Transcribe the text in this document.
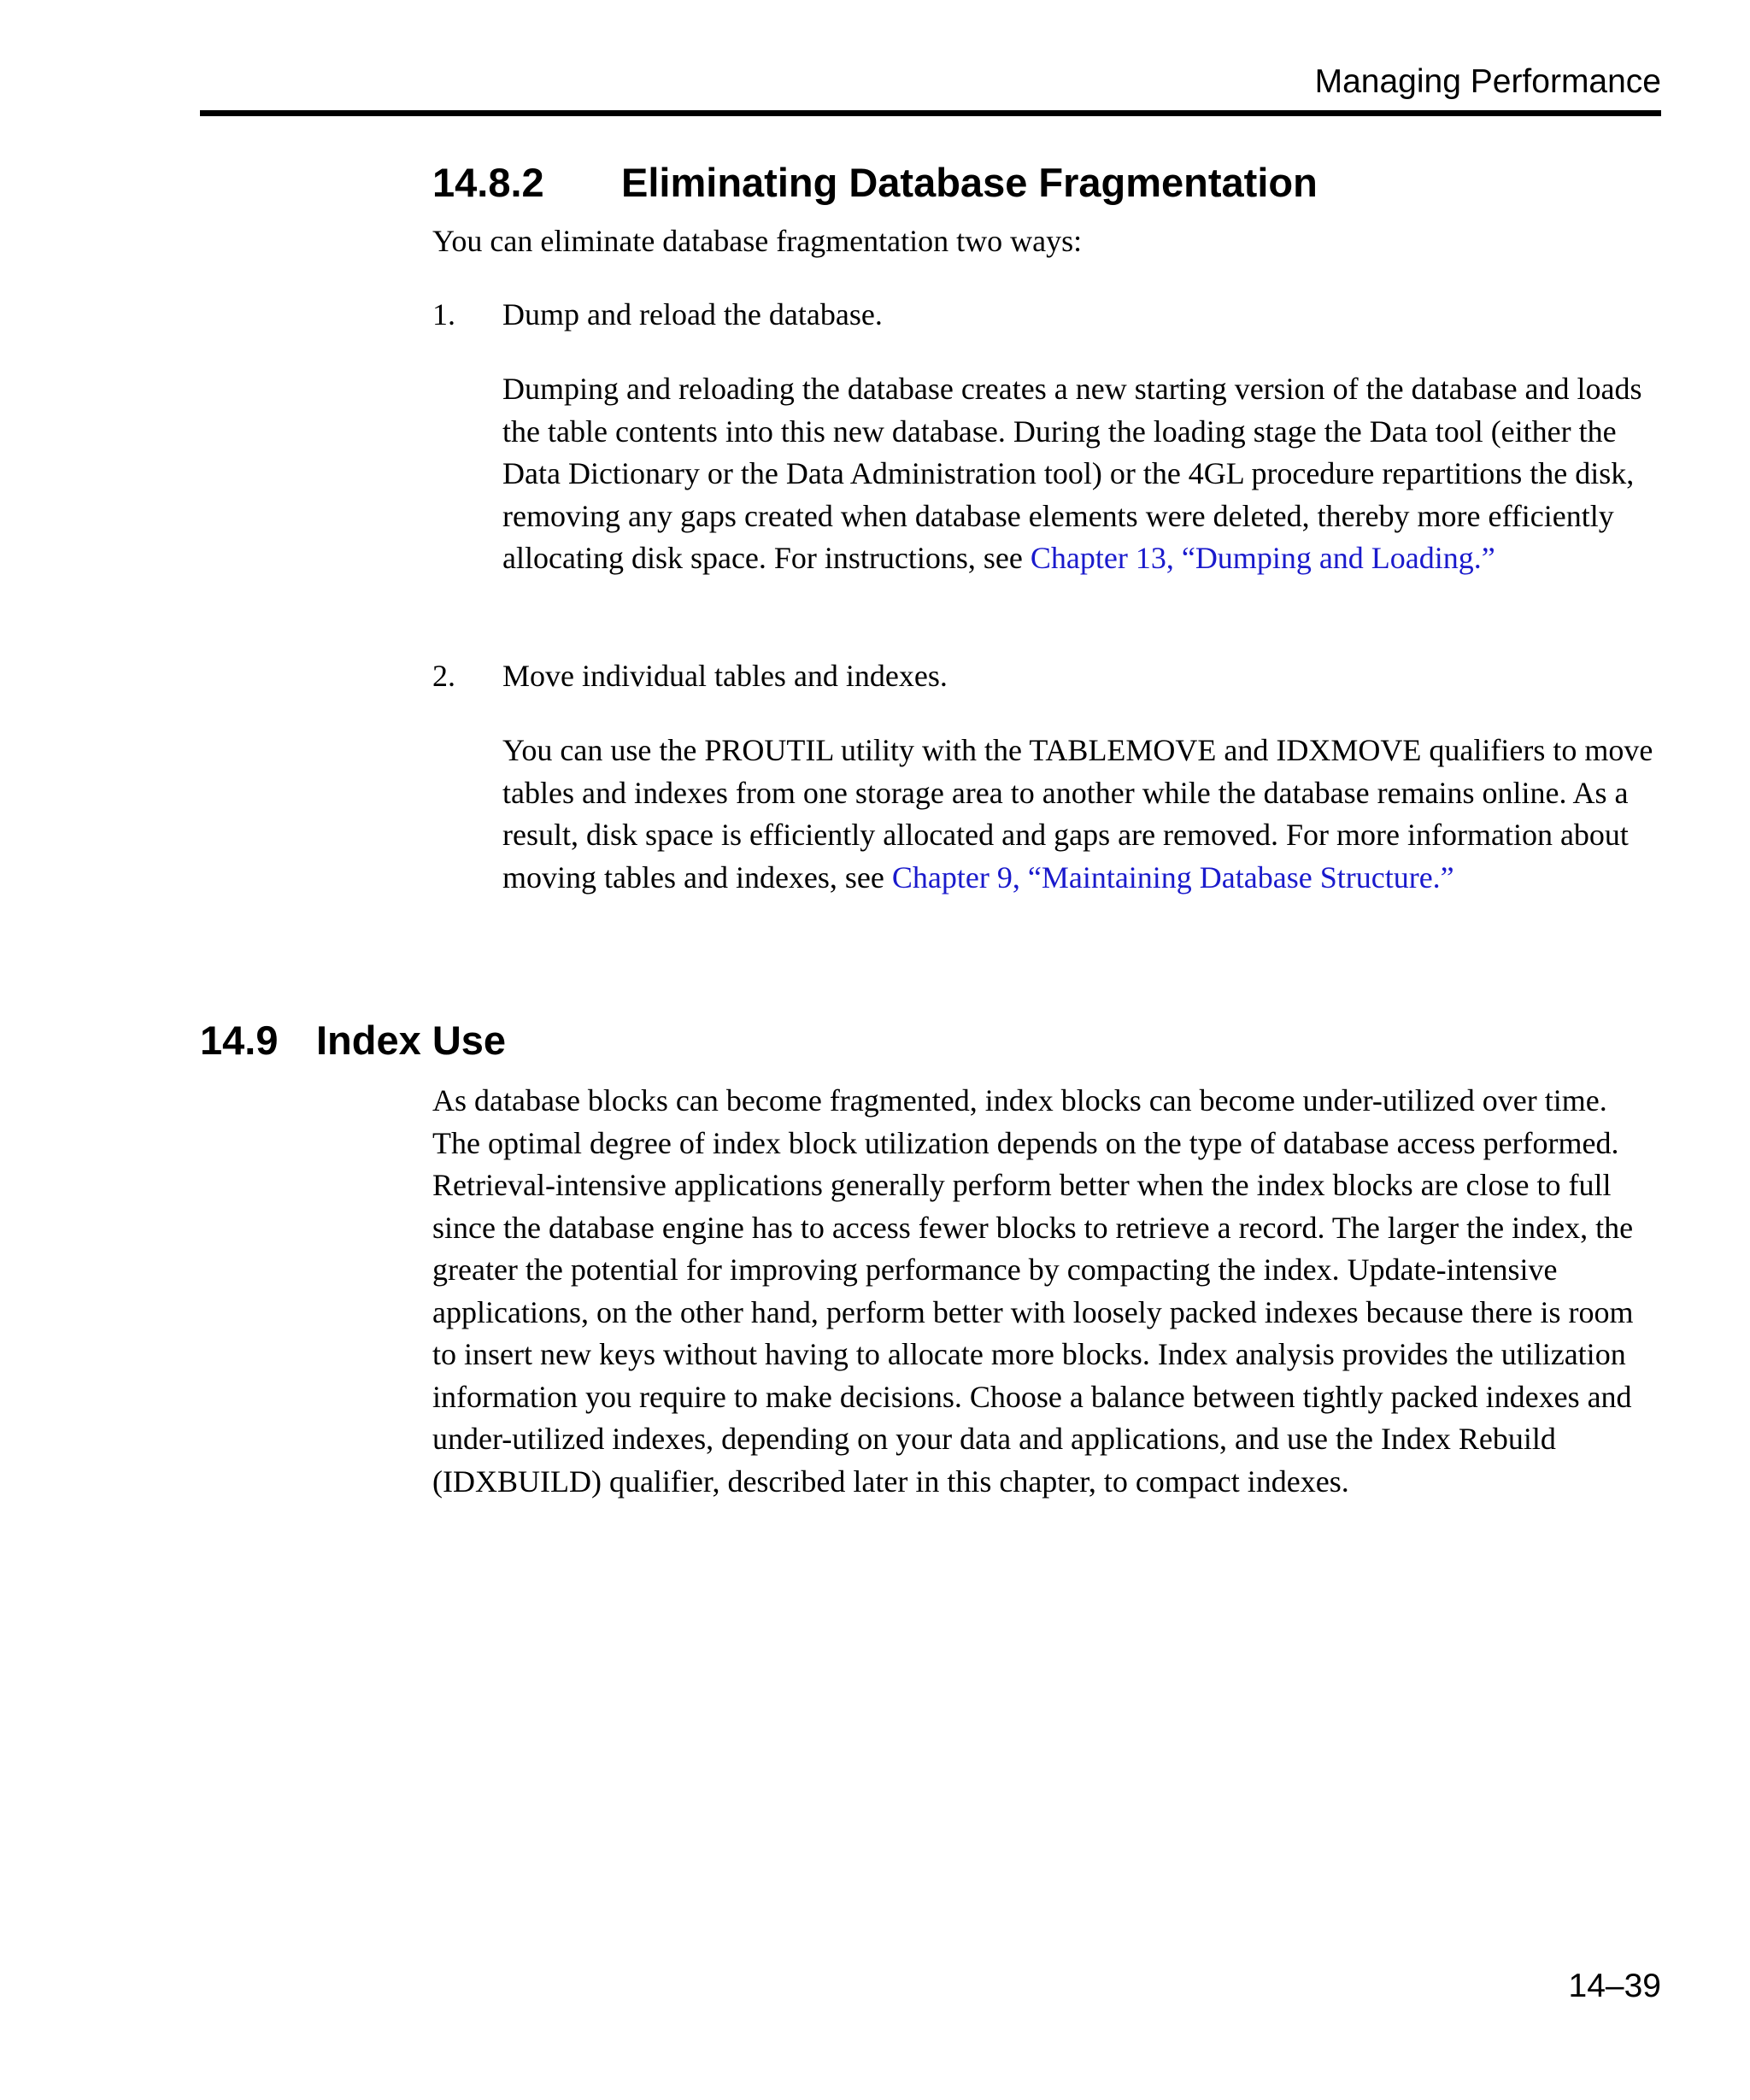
Managing Performance
14.8.2 Eliminating Database Fragmentation

You can eliminate database fragmentation two ways:

1. Dump and reload the database.

Dumping and reloading the database creates a new starting version of the database and loads the table contents into this new database. During the loading stage the Data tool (either the Data Dictionary or the Data Administration tool) or the 4GL procedure repartitions the disk, removing any gaps created when database elements were deleted, thereby more efficiently allocating disk space. For instructions, see Chapter 13, “Dumping and Loading.”

2. Move individual tables and indexes.

You can use the PROUTIL utility with the TABLEMOVE and IDXMOVE qualifiers to move tables and indexes from one storage area to another while the database remains online. As a result, disk space is efficiently allocated and gaps are removed. For more information about moving tables and indexes, see Chapter 9, “Maintaining Database Structure.”

14.9 Index Use

As database blocks can become fragmented, index blocks can become under-utilized over time. The optimal degree of index block utilization depends on the type of database access performed. Retrieval-intensive applications generally perform better when the index blocks are close to full since the database engine has to access fewer blocks to retrieve a record. The larger the index, the greater the potential for improving performance by compacting the index. Update-intensive applications, on the other hand, perform better with loosely packed indexes because there is room to insert new keys without having to allocate more blocks. Index analysis provides the utilization information you require to make decisions. Choose a balance between tightly packed indexes and under-utilized indexes, depending on your data and applications, and use the Index Rebuild (IDXBUILD) qualifier, described later in this chapter, to compact indexes.

14–39
